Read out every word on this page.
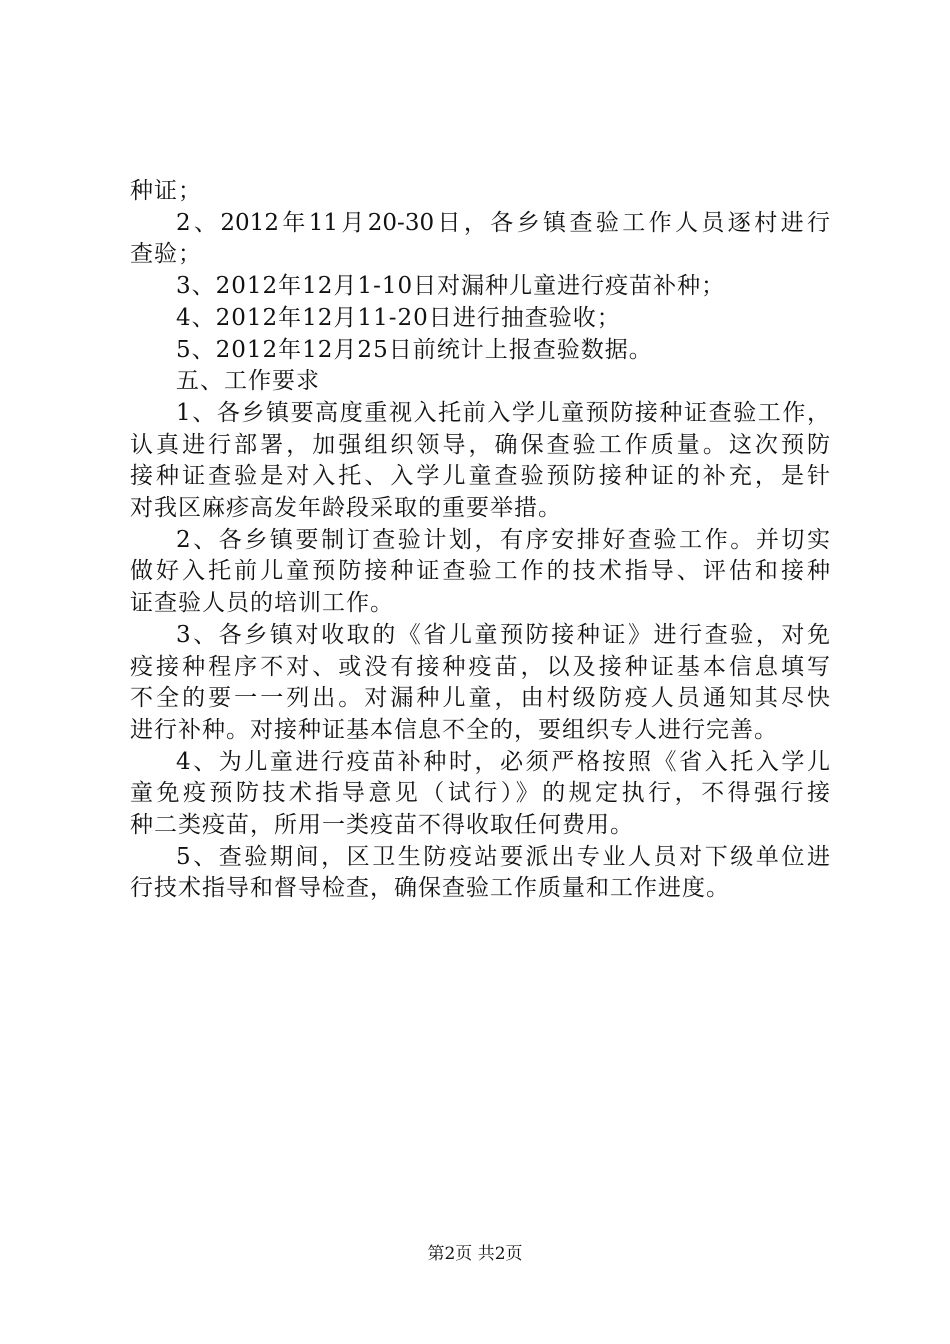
种证；
2、2012年11月20-30日，各乡镇查验工作人员逐村进行
查验；
3、2012年12月1-10日对漏种儿童进行疫苗补种；
4、2012年12月11-20日进行抽查验收；
5、2012年12月25日前统计上报查验数据。
五、工作要求
1、各乡镇要高度重视入托前入学儿童预防接种证查验工作，
认真进行部署，加强组织领导，确保查验工作质量。这次预防
接种证查验是对入托、入学儿童查验预防接种证的补充，是针
对我区麻疹高发年龄段采取的重要举措。
2、各乡镇要制订查验计划，有序安排好查验工作。并切实
做好入托前儿童预防接种证查验工作的技术指导、评估和接种
证查验人员的培训工作。
3、各乡镇对收取的《省儿童预防接种证》进行查验，对免
疫接种程序不对、或没有接种疫苗，以及接种证基本信息填写
不全的要一一列出。对漏种儿童，由村级防疫人员通知其尽快
进行补种。对接种证基本信息不全的，要组织专人进行完善。
4、为儿童进行疫苗补种时，必须严格按照《省入托入学儿
童免疫预防技术指导意见（试行）》的规定执行，不得强行接
种二类疫苗，所用一类疫苗不得收取任何费用。
5、查验期间，区卫生防疫站要派出专业人员对下级单位进
行技术指导和督导检查，确保查验工作质量和工作进度。
第2页 共2页
